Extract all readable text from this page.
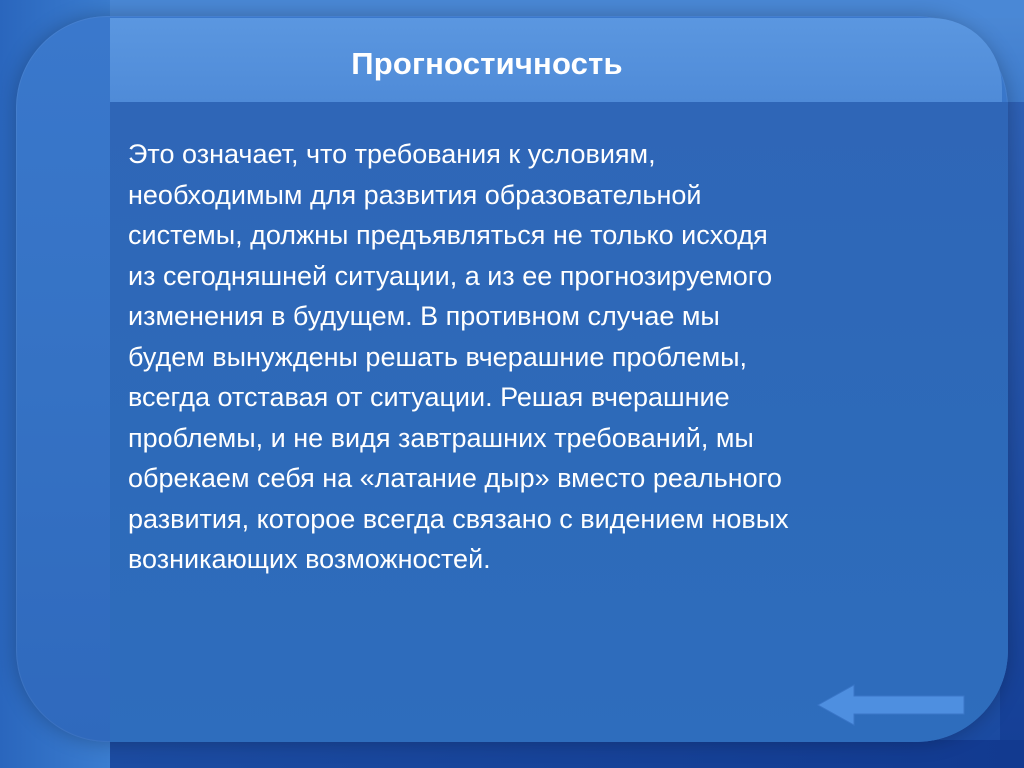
Прогностичность
Это означает, что требования к условиям,
необходимым для развития образовательной
системы, должны предъявляться не только исходя
из сегодняшней ситуации, а из ее прогнозируемого
изменения в будущем. В противном случае мы
будем вынуждены решать вчерашние проблемы,
всегда отставая от ситуации. Решая вчерашние
проблемы, и не видя завтрашних требований, мы
обрекаем себя на «латание дыр» вместо реального
развития, которое всегда связано с видением новых
возникающих возможностей.
